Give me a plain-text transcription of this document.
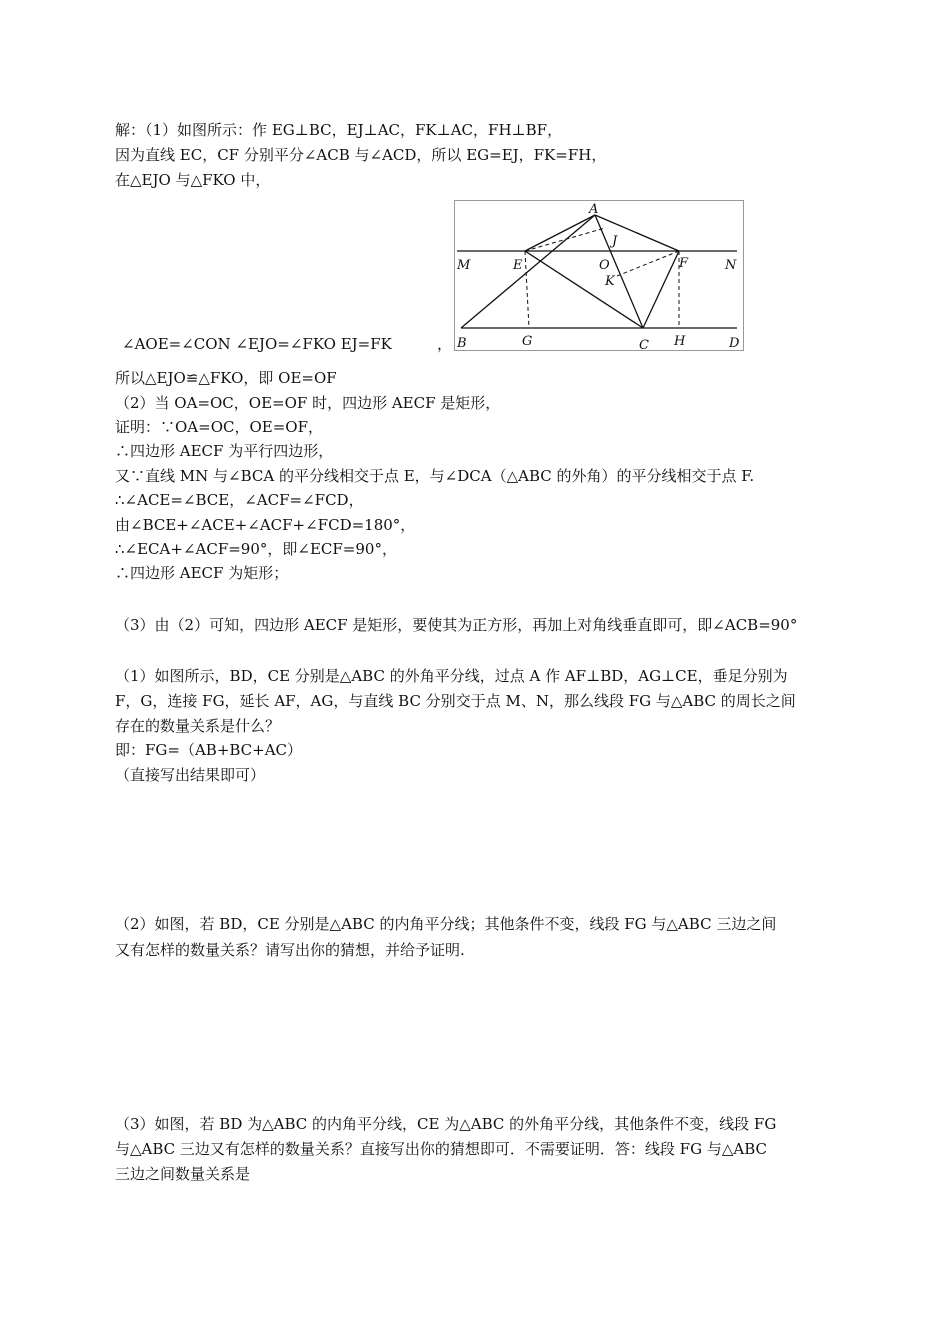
解：（1）如图所示：作 EG⊥BC，EJ⊥AC，FK⊥AC，FH⊥BF，
因为直线 EC，CF 分别平分∠ACB 与∠ACD，所以 EG=EJ，FK=FH，
在△EJO 与△FKO 中，
∠AOE=∠CON ∠EJO=∠FKO EJ=FK	，
所以△EJO≌△FKO，即 OE=OF
A
J
M	E	O	F	N
K
B	G	C H	D
（2）当 OA=OC，OE=OF 时，四边形 AECF 是矩形，
证明：∵OA=OC，OE=OF，
∴四边形 AECF 为平行四边形，
又∵直线 MN 与∠BCA 的平分线相交于点 E，与∠DCA（△ABC 的外角）的平分线相交于点 F.
∴∠ACE=∠BCE，∠ACF=∠FCD，
由∠BCE+∠ACE+∠ACF+∠FCD=180°，
∴∠ECA+∠ACF=90°，即∠ECF=90°，
∴四边形 AECF 为矩形；
（3）由（2）可知，四边形 AECF 是矩形，要使其为正方形，再加上对角线垂直即可，即∠ACB=90°
（1）如图所示，BD，CE 分别是△ABC 的外角平分线，过点 A 作 AF⊥BD，AG⊥CE，垂足分别为
F，G，连接 FG，延长 AF，AG，与直线 BC 分别交于点 M、N，那么线段 FG 与△ABC 的周长之间
存在的数量关系是什么？
即：FG=（AB+BC+AC）
（直接写出结果即可）
（2）如图，若 BD，CE 分别是△ABC 的内角平分线；其他条件不变，线段 FG 与△ABC 三边之间
又有怎样的数量关系？请写出你的猜想，并给予证明.
（3）如图，若 BD 为△ABC 的内角平分线，CE 为△ABC 的外角平分线，其他条件不变，线段 FG
与△ABC 三边又有怎样的数量关系？直接写出你的猜想即可．不需要证明．答：线段 FG 与△ABC
三边之间数量关系是
